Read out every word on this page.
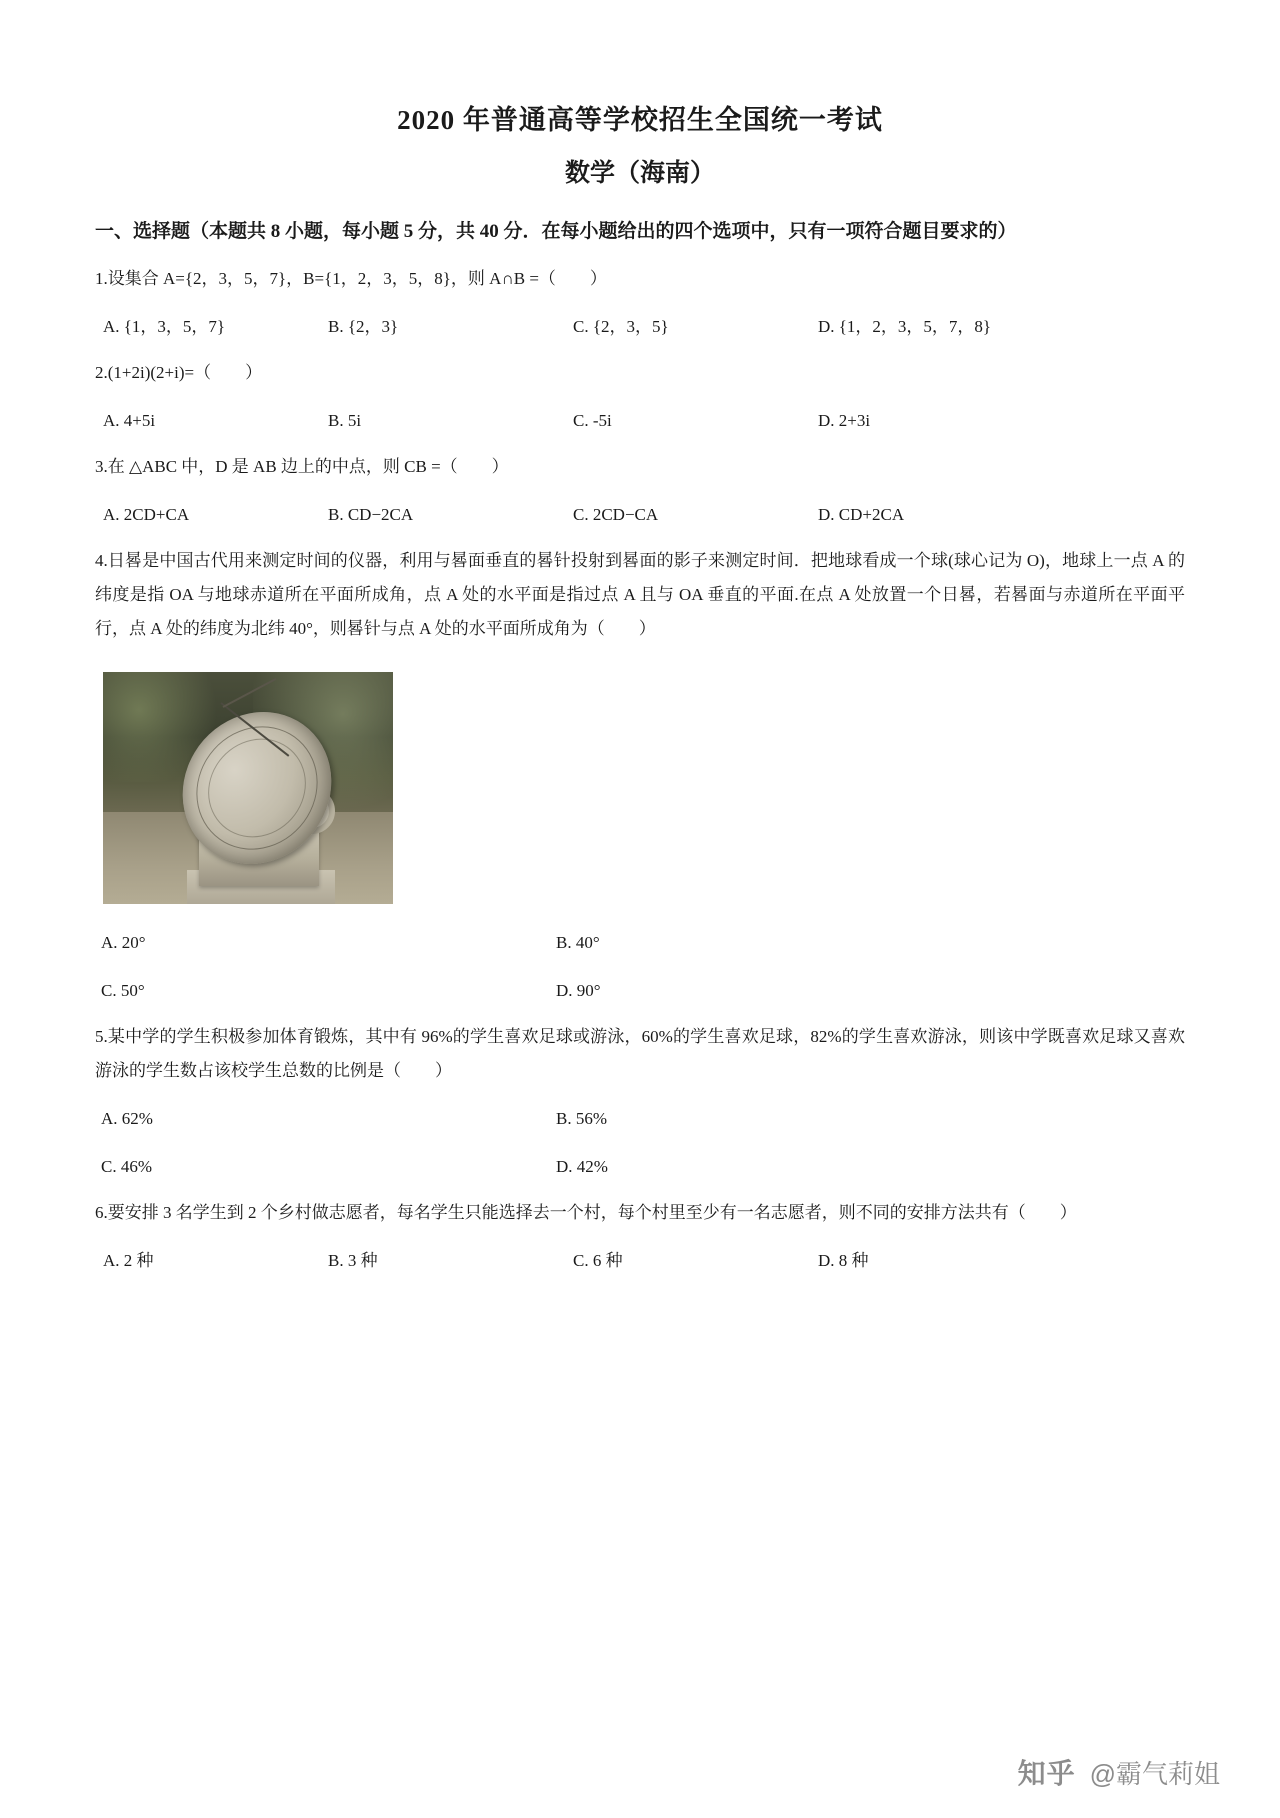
2020 年普通高等学校招生全国统一考试
数学（海南）
一、选择题（本题共 8 小题，每小题 5 分，共 40 分．在每小题给出的四个选项中，只有一项符合题目要求的）
1.设集合 A={2，3，5，7}，B={1，2，3，5，8}，则 A∩B =（　　）
A. {1，3，5，7}	B. {2，3}	C. {2，3，5}	D. {1，2，3，5，7，8}
2.(1+2i)(2+i)=（　　）
A. 4+5i	B. 5i	C. -5i	D. 2+3i
3.在 △ABC 中，D 是 AB 边上的中点，则 CB =（　　）
A. 2CD+CA	B. CD−2CA	C. 2CD−CA	D. CD+2CA
4.日晷是中国古代用来测定时间的仪器，利用与晷面垂直的晷针投射到晷面的影子来测定时间．把地球看成一个球(球心记为 O)，地球上一点 A 的纬度是指 OA 与地球赤道所在平面所成角，点 A 处的水平面是指过点 A 且与 OA 垂直的平面.在点 A 处放置一个日晷，若晷面与赤道所在平面平行，点 A 处的纬度为北纬 40°，则晷针与点 A 处的水平面所成角为（　　）
A. 20°	B. 40°
C. 50°	D. 90°
5.某中学的学生积极参加体育锻炼，其中有 96%的学生喜欢足球或游泳，60%的学生喜欢足球，82%的学生喜欢游泳，则该中学既喜欢足球又喜欢游泳的学生数占该校学生总数的比例是（　　）
A. 62%	B. 56%
C. 46%	D. 42%
6.要安排 3 名学生到 2 个乡村做志愿者，每名学生只能选择去一个村，每个村里至少有一名志愿者，则不同的安排方法共有（　　）
A. 2 种	B. 3 种	C. 6 种	D. 8 种
知乎 @霸气莉姐
